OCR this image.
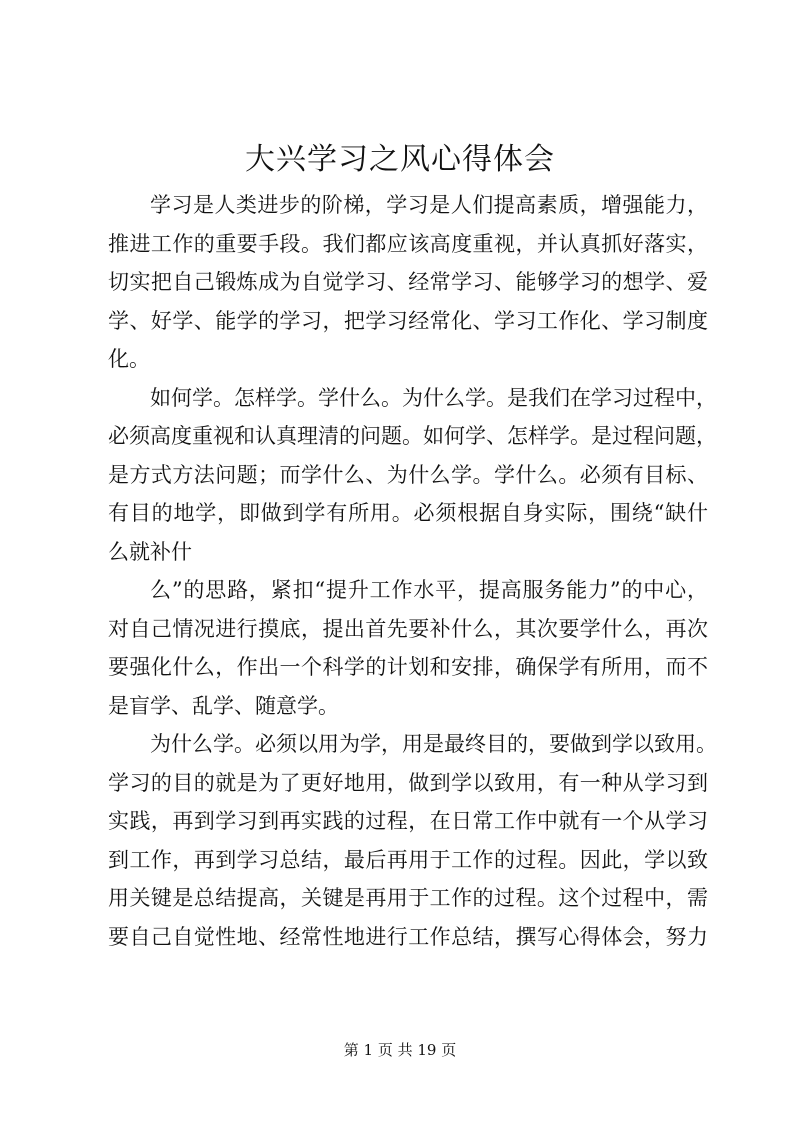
大兴学习之风心得体会
学习是人类进步的阶梯，学习是人们提高素质，增强能力，
推进工作的重要手段。我们都应该高度重视，并认真抓好落实，
切实把自己锻炼成为自觉学习、经常学习、能够学习的想学、爱
学、好学、能学的学习，把学习经常化、学习工作化、学习制度
化。
如何学。怎样学。学什么。为什么学。是我们在学习过程中，
必须高度重视和认真理清的问题。如何学、怎样学。是过程问题，
是方式方法问题；而学什么、为什么学。学什么。必须有目标、
有目的地学，即做到学有所用。必须根据自身实际，围绕“缺什
么就补什
么”的思路，紧扣“提升工作水平，提高服务能力”的中心，
对自己情况进行摸底，提出首先要补什么，其次要学什么，再次
要强化什么，作出一个科学的计划和安排，确保学有所用，而不
是盲学、乱学、随意学。
为什么学。必须以用为学，用是最终目的，要做到学以致用。
学习的目的就是为了更好地用，做到学以致用，有一种从学习到
实践，再到学习到再实践的过程，在日常工作中就有一个从学习
到工作，再到学习总结，最后再用于工作的过程。因此，学以致
用关键是总结提高，关键是再用于工作的过程。这个过程中，需
要自己自觉性地、经常性地进行工作总结，撰写心得体会，努力
第 1 页 共 19 页
